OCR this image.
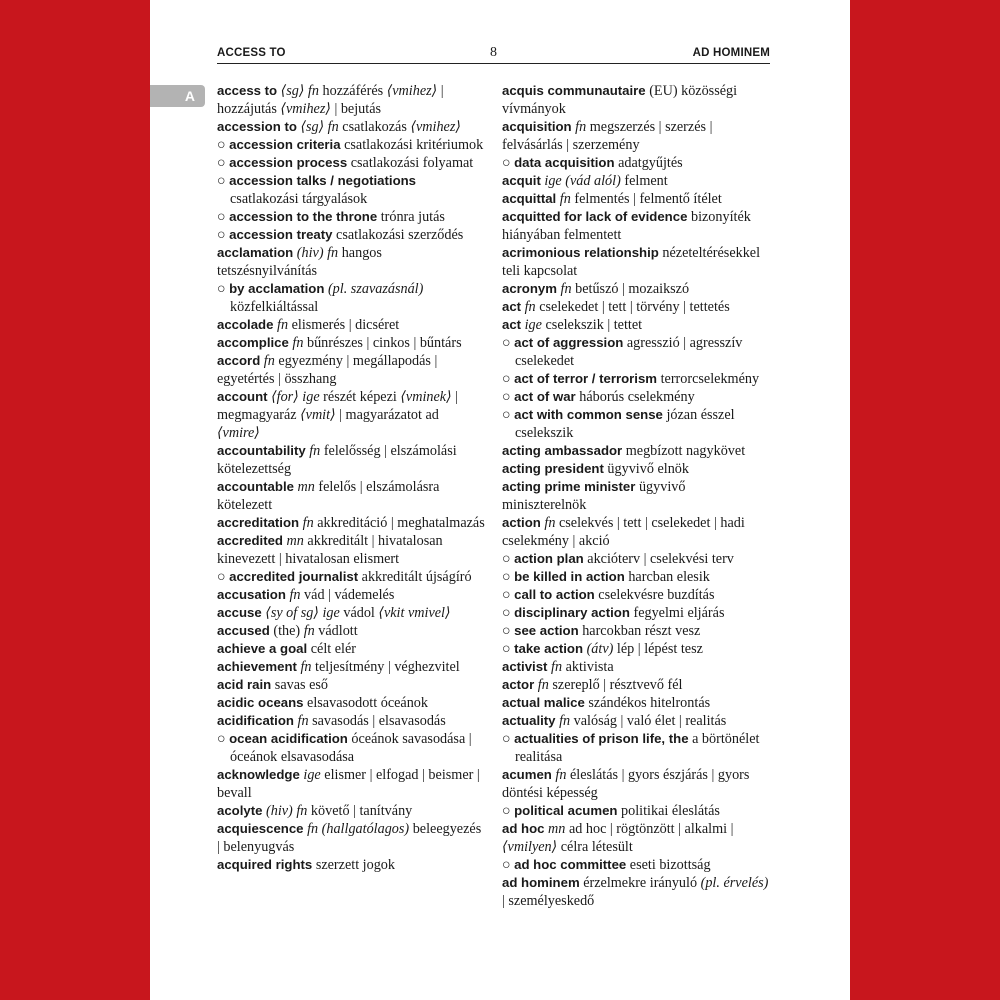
ACCESS TO	8	AD HOMINEM
A access to ⟨sg⟩ fn hozzáférés ⟨vmihez⟩ | hozzájutás ⟨vmihez⟩ | bejutás
accession to ⟨sg⟩ fn csatlakozás ⟨vmihez⟩
○ accession criteria csatlakozási kritériumok
○ accession process csatlakozási folyamat
○ accession talks / negotiations csatlakozási tárgyalások
○ accession to the throne trónra jutás
○ accession treaty csatlakozási szerződés
acclamation (hiv) fn hangos tetszésnyilvánítás
○ by acclamation (pl. szavazásnál) közfelkiáltással
accolade fn elismerés | dicséret
accomplice fn bűnrészes | cinkos | bűntárs
accord fn egyezmény | megállapodás | egyetértés | összhang
account ⟨for⟩ ige részét képezi ⟨vminek⟩ | megmagyaráz ⟨vmit⟩ | magyarázatot ad ⟨vmire⟩
accountability fn felelősség | elszámolási kötelezettség
accountable mn felelős | elszámolásra kötelezett
accreditation fn akkreditáció | meghatalmazás
accredited mn akkreditált | hivatalosan kinevezett | hivatalosan elismert
○ accredited journalist akkreditált újságíró
accusation fn vád | vádemelés
accuse ⟨sy of sg⟩ ige vádol ⟨vkit vmivel⟩
accused (the) fn vádlott
achieve a goal célt elér
achievement fn teljesítmény | véghezvitel
acid rain savas eső
acidic oceans elsavasodott óceánok
acidification fn savasodás | elsavasodás
○ ocean acidification óceánok savasodása | óceánok elsavasodása
acknowledge ige elismer | elfogad | beismer | bevall
acolyte (hiv) fn követő | tanítvány
acquiescence fn (hallgatólagos) beleegyezés | belenyugvás
acquired rights szerzett jogok
acquis communautaire (EU) közösségi vívmányok
acquisition fn megszerzés | szerzés | felvásárlás | szerzemény
○ data acquisition adatgyűjtés
acquit ige (vád alól) felment
acquittal fn felmentés | felmentő ítélet
acquitted for lack of evidence bizonyíték hiányában felmentett
acrimonious relationship nézeteltérésekkel teli kapcsolat
acronym fn betűszó | mozaikszó
act fn cselekedet | tett | törvény | tettetés
act ige cselekszik | tettet
○ act of aggression agresszió | agresszív cselekedet
○ act of terror / terrorism terrorcselekmény
○ act of war háborús cselekmény
○ act with common sense józan ésszel cselekszik
acting ambassador megbízott nagykövet
acting president ügyvivő elnök
acting prime minister ügyvivő miniszterelnök
action fn cselekvés | tett | cselekedet | hadi cselekmény | akció
○ action plan akcióterv | cselekvési terv
○ be killed in action harcban elesik
○ call to action cselekvésre buzdítás
○ disciplinary action fegyelmi eljárás
○ see action harcokban részt vesz
○ take action (átv) lép | lépést tesz
activist fn aktivista
actor fn szereplő | résztvevő fél
actual malice szándékos hitelrontás
actuality fn valóság | való élet | realitás
○ actualities of prison life, the a börtönélet realitása
acumen fn éleslátás | gyors észjárás | gyors döntési képesség
○ political acumen politikai éleslátás
ad hoc mn ad hoc | rögtönzött | alkalmi | ⟨vmilyen⟩ célra létesült
○ ad hoc committee eseti bizottság
ad hominem érzelmekre irányuló (pl. érvelés) | személyeskedő
